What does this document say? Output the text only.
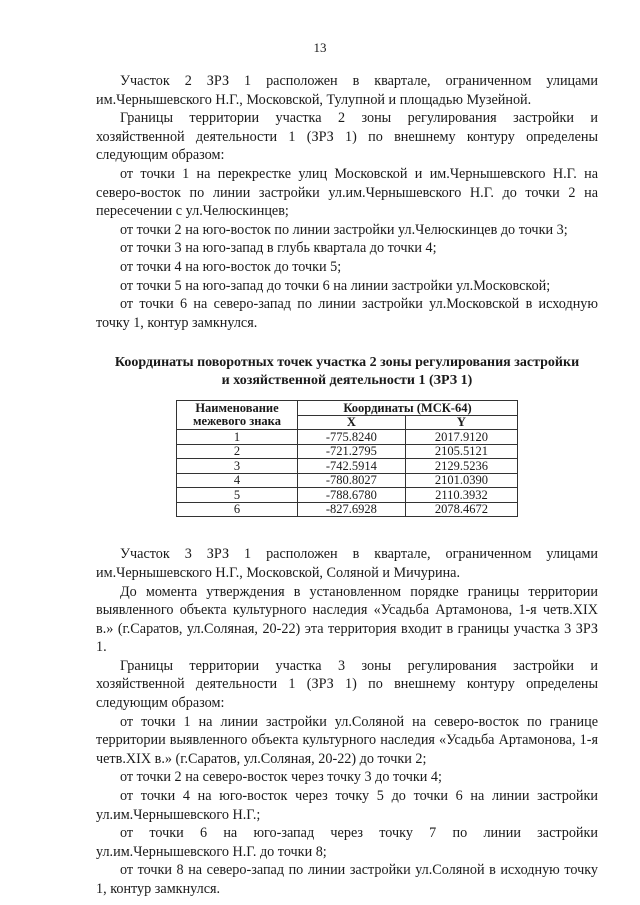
13

Участок 2 ЗРЗ 1 расположен в квартале, ограниченном улицами им.Чернышевского Н.Г., Московской, Тулупной и площадью Музейной.

Границы территории участка 2 зоны регулирования застройки и хозяйственной деятельности 1 (ЗРЗ 1) по внешнему контуру определены следующим образом:

от точки 1 на перекрестке улиц Московской и им.Чернышевского Н.Г. на северо-восток по линии застройки ул.им.Чернышевского Н.Г. до точки 2 на пересечении с ул.Челюскинцев;

от точки 2 на юго-восток по линии застройки ул.Челюскинцев до точки 3;

от точки 3 на юго-запад в глубь квартала до точки 4;

от точки 4 на юго-восток до точки 5;

от точки 5 на юго-запад до точки 6 на линии застройки ул.Московской;

от точки 6 на северо-запад по линии застройки ул.Московской в исходную точку 1, контур замкнулся.

Координаты поворотных точек участка 2 зоны регулирования застройки
и хозяйственной деятельности 1 (ЗРЗ 1)
Наименование межевого знака	Координаты (МСК-64)	
	X	Y
1	-775.8240	2017.9120
2	-721.2795	2105.5121
3	-742.5914	2129.5236
4	-780.8027	2101.0390
5	-788.6780	2110.3932
6	-827.6928	2078.4672

Участок 3 ЗРЗ 1 расположен в квартале, ограниченном улицами им.Чернышевского Н.Г., Московской, Соляной и Мичурина.

До момента утверждения в установленном порядке границы территории выявленного объекта культурного наследия «Усадьба Артамонова, 1-я четв.XIX в.» (г.Саратов, ул.Соляная, 20-22) эта территория входит в границы участка 3 ЗРЗ 1.

Границы территории участка 3 зоны регулирования застройки и хозяйственной деятельности 1 (ЗРЗ 1) по внешнему контуру определены следующим образом:

от точки 1 на линии застройки ул.Соляной на северо-восток по границе территории выявленного объекта культурного наследия «Усадьба Артамонова, 1-я четв.XIX в.» (г.Саратов, ул.Соляная, 20-22) до точки 2;

от точки 2 на северо-восток через точку 3 до точки 4;

от точки 4 на юго-восток через точку 5 до точки 6 на линии застройки ул.им.Чернышевского Н.Г.;

от точки 6 на юго-запад через точку 7 по линии застройки ул.им.Чернышевского Н.Г. до точки 8;

от точки 8 на северо-запад по линии застройки ул.Соляной в исходную точку 1, контур замкнулся.
